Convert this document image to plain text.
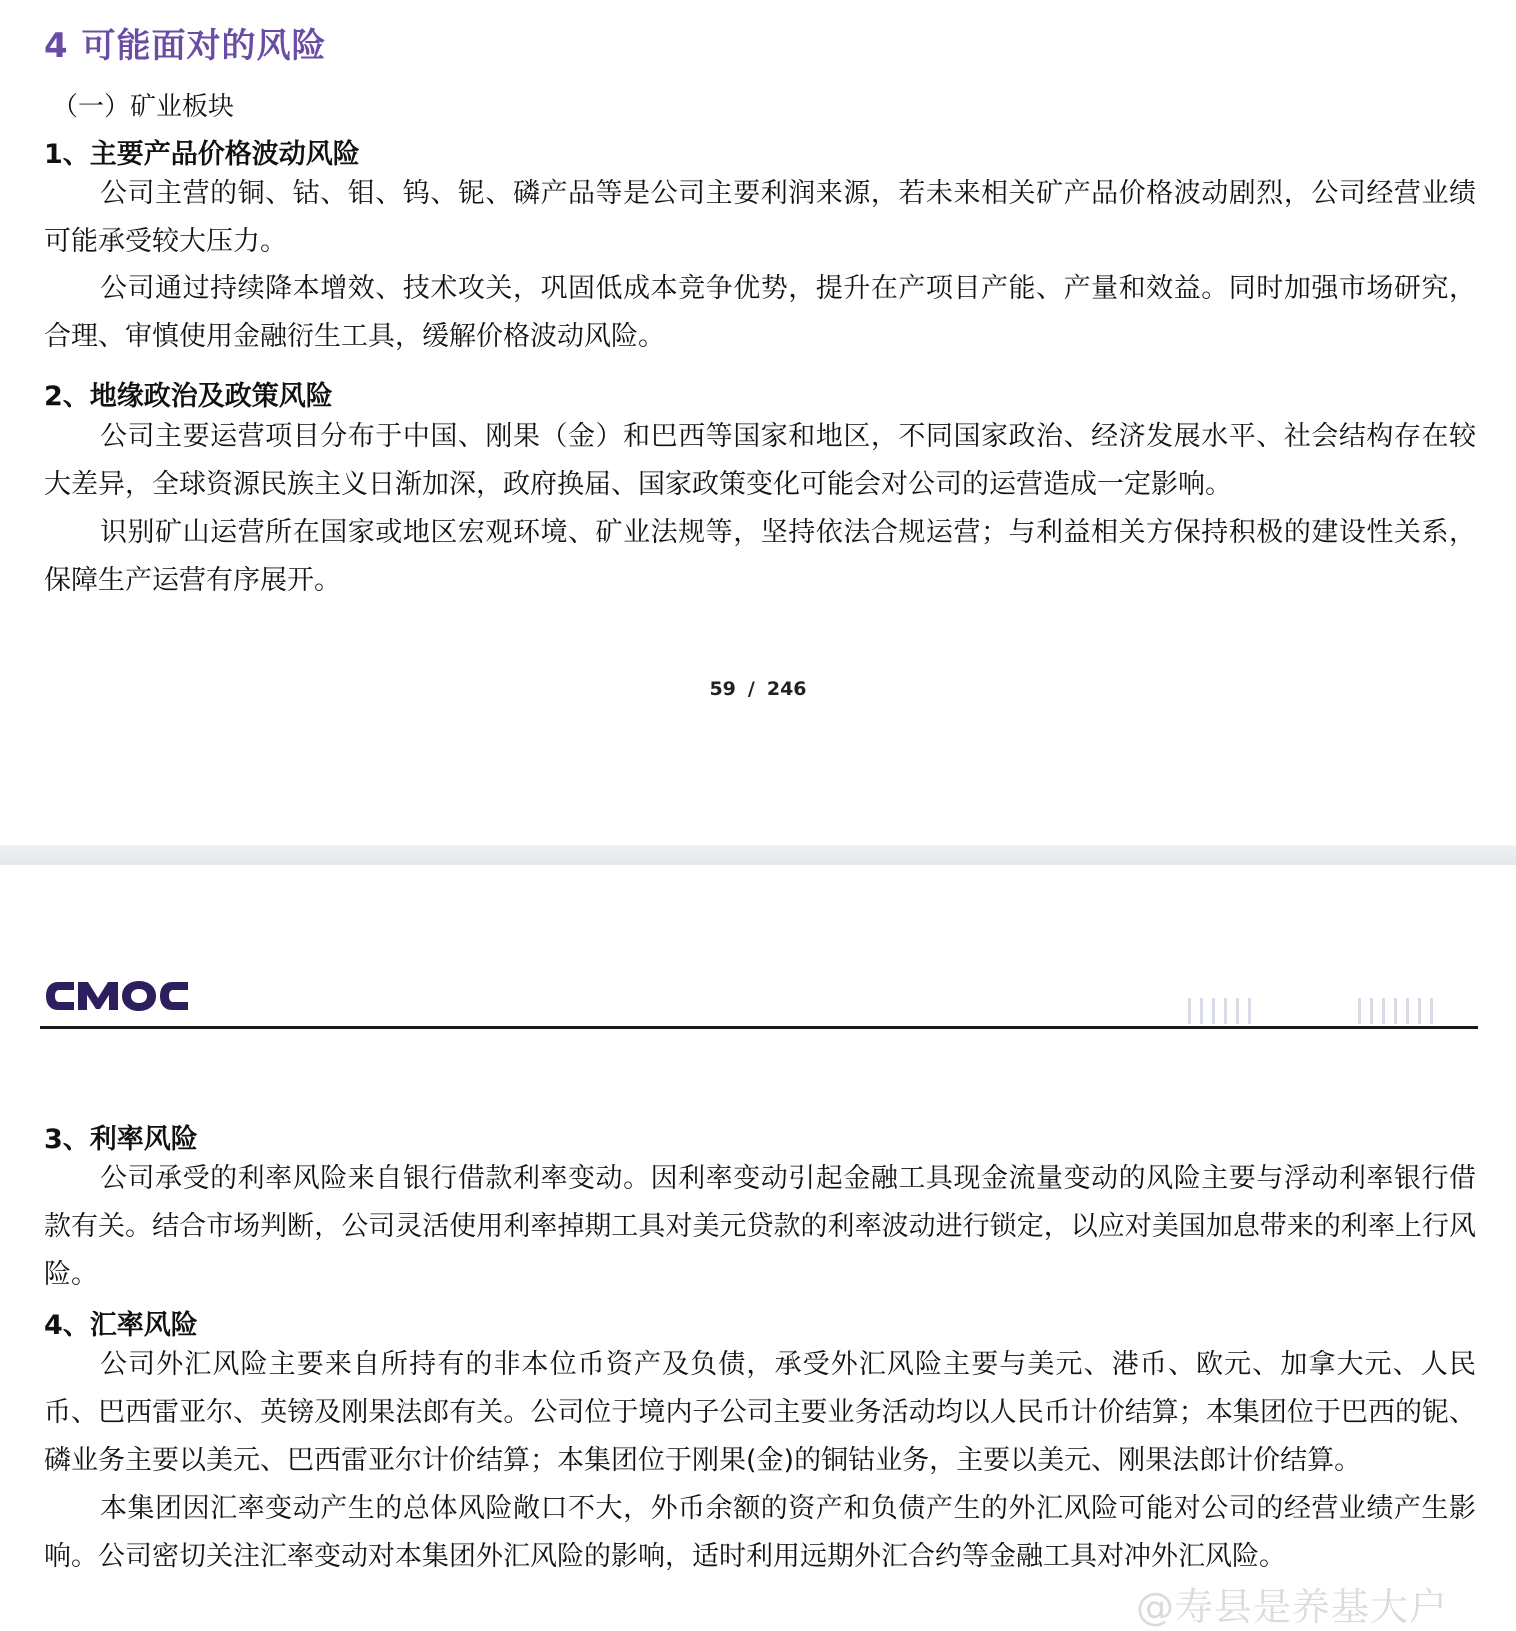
4 可能面对的风险
（一）矿业板块
1、主要产品价格波动风险

公司主营的铜、钴、钼、钨、铌、磷产品等是公司主要利润来源，若未来相关矿产品价格波动剧烈，公司经营业绩可能承受较大压力。

公司通过持续降本增效、技术攻关，巩固低成本竞争优势，提升在产项目产能、产量和效益。同时加强市场研究，合理、审慎使用金融衍生工具，缓解价格波动风险。

2、地缘政治及政策风险

公司主要运营项目分布于中国、刚果（金）和巴西等国家和地区，不同国家政治、经济发展水平、社会结构存在较大差异，全球资源民族主义日渐加深，政府换届、国家政策变化可能会对公司的运营造成一定影响。

识别矿山运营所在国家或地区宏观环境、矿业法规等，坚持依法合规运营；与利益相关方保持积极的建设性关系，保障生产运营有序展开。

59 / 246
3、利率风险

公司承受的利率风险来自银行借款利率变动。因利率变动引起金融工具现金流量变动的风险主要与浮动利率银行借款有关。结合市场判断，公司灵活使用利率掉期工具对美元贷款的利率波动进行锁定，以应对美国加息带来的利率上行风险。

4、汇率风险

公司外汇风险主要来自所持有的非本位币资产及负债，承受外汇风险主要与美元、港币、欧元、加拿大元、人民币、巴西雷亚尔、英镑及刚果法郎有关。公司位于境内子公司主要业务活动均以人民币计价结算；本集团位于巴西的铌、磷业务主要以美元、巴西雷亚尔计价结算；本集团位于刚果(金)的铜钴业务，主要以美元、刚果法郎计价结算。

本集团因汇率变动产生的总体风险敞口不大，外币余额的资产和负债产生的外汇风险可能对公司的经营业绩产生影响。公司密切关注汇率变动对本集团外汇风险的影响，适时利用远期外汇合约等金融工具对冲外汇风险。

@寿县是养基大户
